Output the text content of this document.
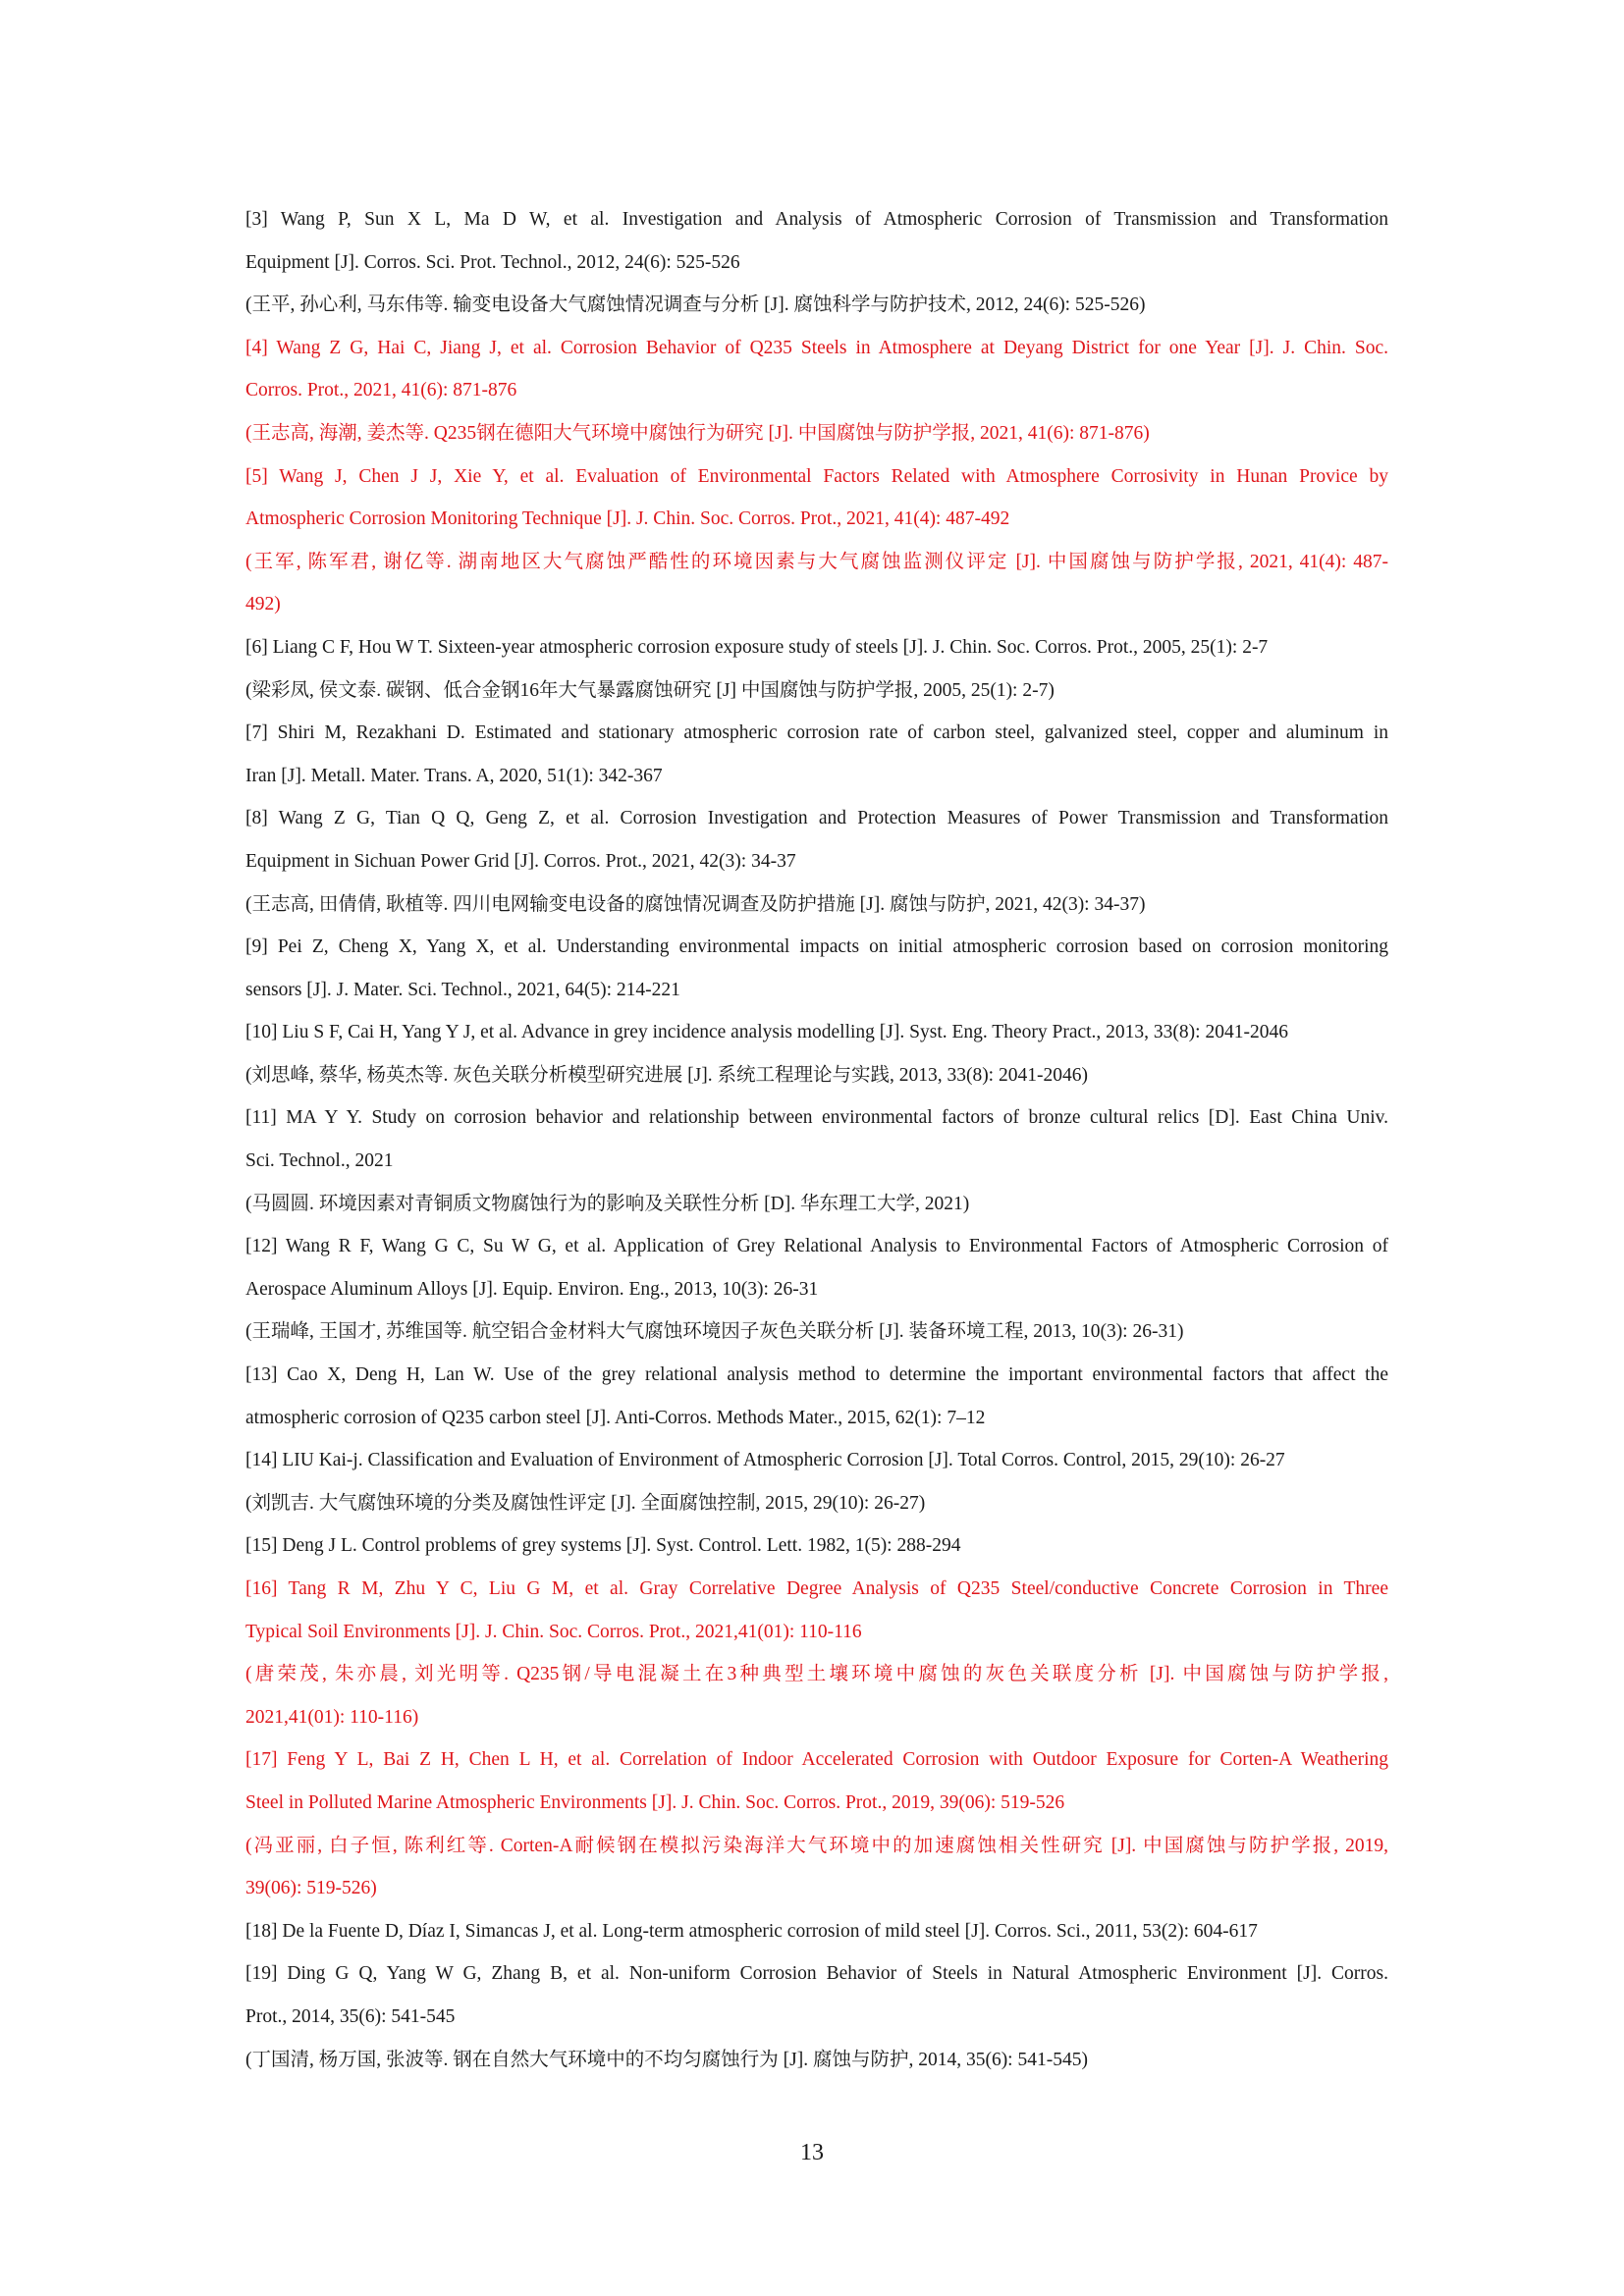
[3] Wang P, Sun X L, Ma D W, et al. Investigation and Analysis of Atmospheric Corrosion of Transmission and Transformation
Equipment [J]. Corros. Sci. Prot. Technol., 2012, 24(6): 525-526
(王平, 孙心利, 马东伟等. 输变电设备大气腐蚀情况调查与分析 [J]. 腐蚀科学与防护技术, 2012, 24(6): 525-526)
[4] Wang Z G, Hai C, Jiang J, et al. Corrosion Behavior of Q235 Steels in Atmosphere at Deyang District for one Year [J]. J. Chin. Soc.
Corros. Prot., 2021, 41(6): 871-876
(王志高, 海潮, 姜杰等. Q235钢在德阳大气环境中腐蚀行为研究 [J]. 中国腐蚀与防护学报, 2021, 41(6): 871-876)
[5] Wang J, Chen J J, Xie Y, et al. Evaluation of Environmental Factors Related with Atmosphere Corrosivity in Hunan Provice by
Atmospheric Corrosion Monitoring Technique [J]. J. Chin. Soc. Corros. Prot., 2021, 41(4): 487-492
(王军, 陈军君, 谢亿等. 湖南地区大气腐蚀严酷性的环境因素与大气腐蚀监测仪评定 [J]. 中国腐蚀与防护学报, 2021, 41(4): 487-
492)
[6] Liang C F, Hou W T. Sixteen-year atmospheric corrosion exposure study of steels [J]. J. Chin. Soc. Corros. Prot., 2005, 25(1): 2-7
(梁彩凤, 侯文泰. 碳钢、低合金钢16年大气暴露腐蚀研究 [J] 中国腐蚀与防护学报, 2005, 25(1): 2-7)
[7] Shiri M, Rezakhani D. Estimated and stationary atmospheric corrosion rate of carbon steel, galvanized steel, copper and aluminum in
Iran [J]. Metall. Mater. Trans. A, 2020, 51(1): 342-367
[8] Wang Z G, Tian Q Q, Geng Z, et al. Corrosion Investigation and Protection Measures of Power Transmission and Transformation
Equipment in Sichuan Power Grid [J]. Corros. Prot., 2021, 42(3): 34-37
(王志高, 田倩倩, 耿植等. 四川电网输变电设备的腐蚀情况调查及防护措施 [J]. 腐蚀与防护, 2021, 42(3): 34-37)
[9] Pei Z, Cheng X, Yang X, et al. Understanding environmental impacts on initial atmospheric corrosion based on corrosion monitoring
sensors [J]. J. Mater. Sci. Technol., 2021, 64(5): 214-221
[10] Liu S F, Cai H, Yang Y J, et al. Advance in grey incidence analysis modelling [J]. Syst. Eng. Theory Pract., 2013, 33(8): 2041-2046
(刘思峰, 蔡华, 杨英杰等. 灰色关联分析模型研究进展 [J]. 系统工程理论与实践, 2013, 33(8): 2041-2046)
[11] MA Y Y. Study on corrosion behavior and relationship between environmental factors of bronze cultural relics [D]. East China Univ.
Sci. Technol., 2021
(马圆圆. 环境因素对青铜质文物腐蚀行为的影响及关联性分析 [D]. 华东理工大学, 2021)
[12] Wang R F, Wang G C, Su W G, et al. Application of Grey Relational Analysis to Environmental Factors of Atmospheric Corrosion of
Aerospace Aluminum Alloys [J]. Equip. Environ. Eng., 2013, 10(3): 26-31
(王瑞峰, 王国才, 苏维国等. 航空铝合金材料大气腐蚀环境因子灰色关联分析 [J]. 装备环境工程, 2013, 10(3): 26-31)
[13] Cao X, Deng H, Lan W. Use of the grey relational analysis method to determine the important environmental factors that affect the
atmospheric corrosion of Q235 carbon steel [J]. Anti-Corros. Methods Mater., 2015, 62(1): 7–12
[14] LIU Kai-j. Classification and Evaluation of Environment of Atmospheric Corrosion [J]. Total Corros. Control, 2015, 29(10): 26-27
(刘凯吉. 大气腐蚀环境的分类及腐蚀性评定 [J]. 全面腐蚀控制, 2015, 29(10): 26-27)
[15] Deng J L. Control problems of grey systems [J]. Syst. Control. Lett. 1982, 1(5): 288-294
[16] Tang R M, Zhu Y C, Liu G M, et al. Gray Correlative Degree Analysis of Q235 Steel/conductive Concrete Corrosion in Three
Typical Soil Environments [J]. J. Chin. Soc. Corros. Prot., 2021,41(01): 110-116
(唐荣茂, 朱亦晨, 刘光明等. Q235钢/导电混凝土在3种典型土壤环境中腐蚀的灰色关联度分析 [J]. 中国腐蚀与防护学报,
2021,41(01): 110-116)
[17] Feng Y L, Bai Z H, Chen L H, et al. Correlation of Indoor Accelerated Corrosion with Outdoor Exposure for Corten-A Weathering
Steel in Polluted Marine Atmospheric Environments [J]. J. Chin. Soc. Corros. Prot., 2019, 39(06): 519-526
(冯亚丽, 白子恒, 陈利红等. Corten-A耐候钢在模拟污染海洋大气环境中的加速腐蚀相关性研究 [J]. 中国腐蚀与防护学报, 2019,
39(06): 519-526)
[18] De la Fuente D, Díaz I, Simancas J, et al. Long-term atmospheric corrosion of mild steel [J]. Corros. Sci., 2011, 53(2): 604-617
[19] Ding G Q, Yang W G, Zhang B, et al. Non-uniform Corrosion Behavior of Steels in Natural Atmospheric Environment [J]. Corros.
Prot., 2014, 35(6): 541-545
(丁国清, 杨万国, 张波等. 钢在自然大气环境中的不均匀腐蚀行为 [J]. 腐蚀与防护, 2014, 35(6): 541-545)
13
